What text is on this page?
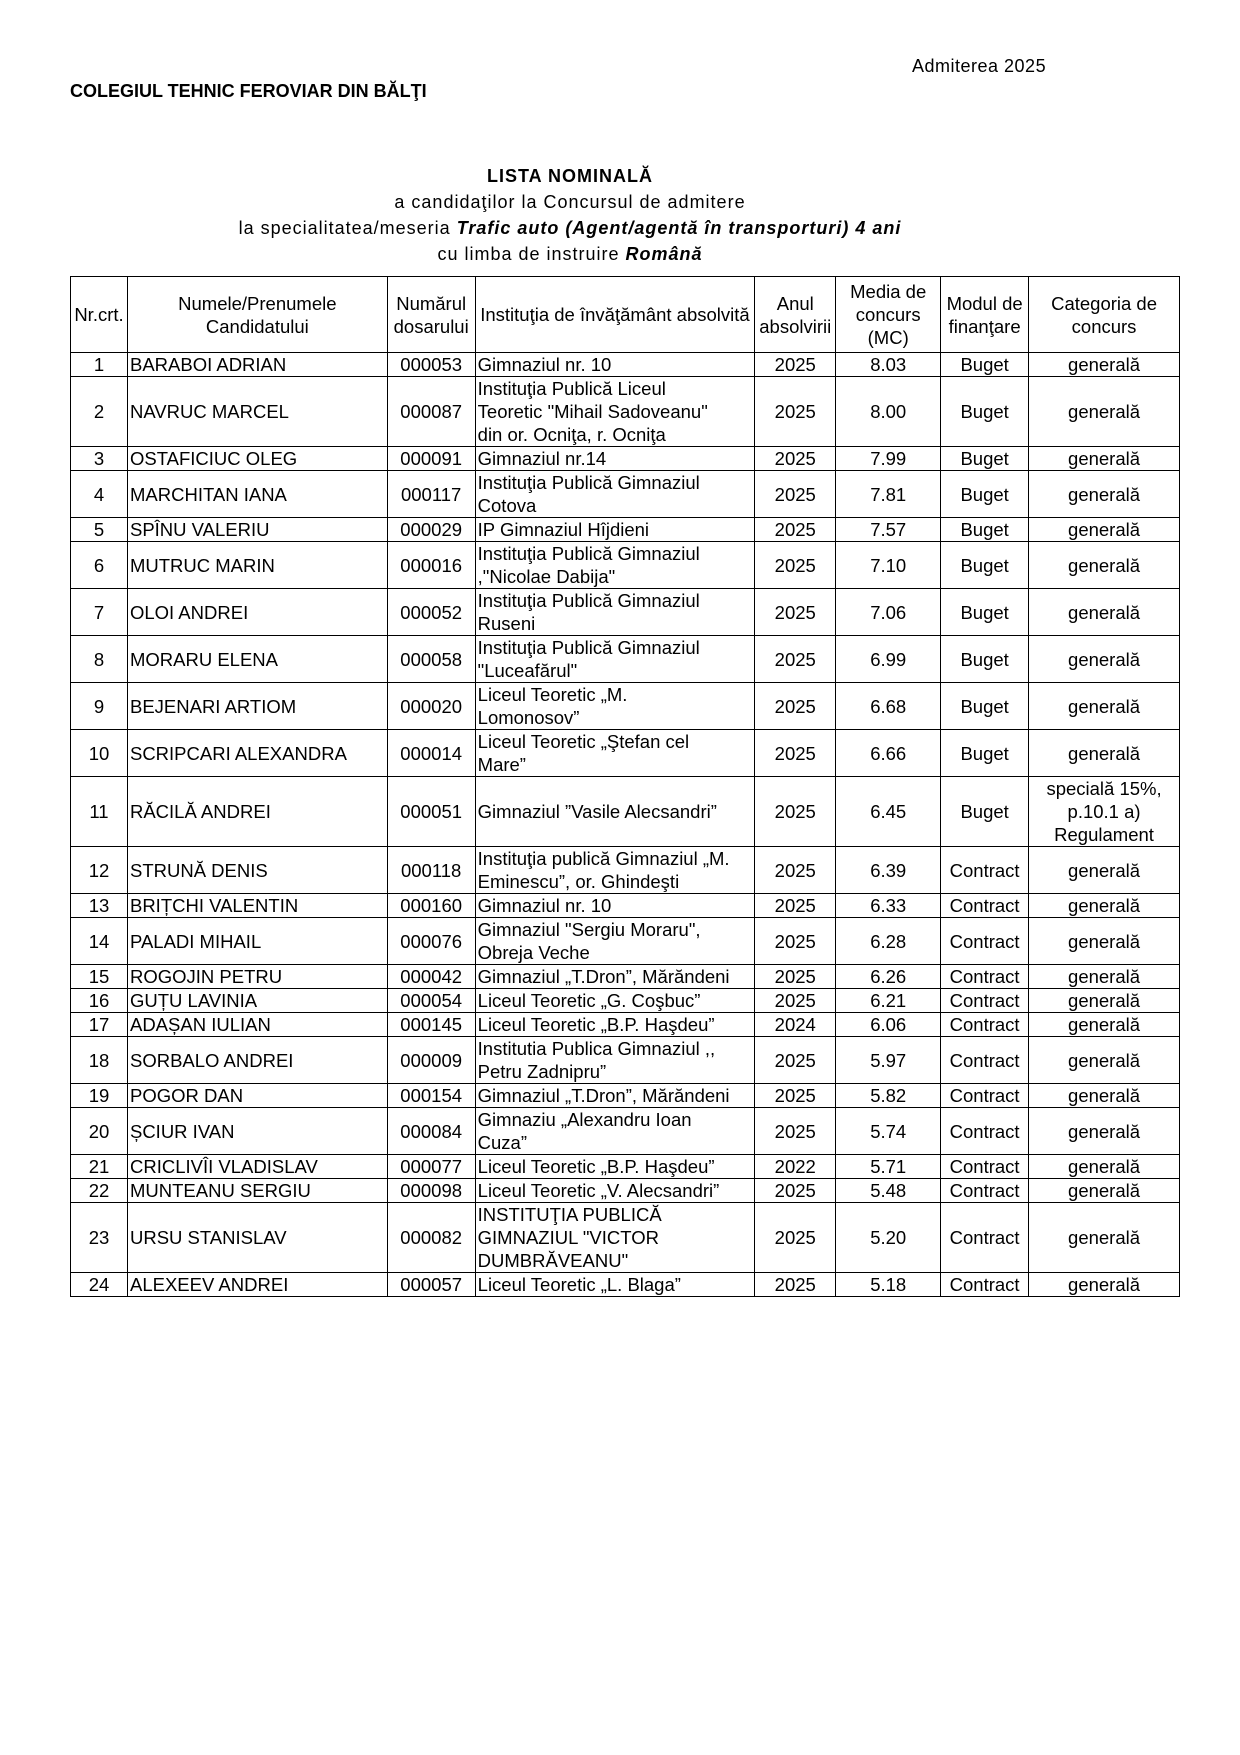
Admiterea 2025
COLEGIUL TEHNIC FEROVIAR DIN BĂLŢI
LISTA NOMINALĂ
a candidaţilor la Concursul de admitere
la specialitatea/meseria Trafic auto (Agent/agentă în transporturi) 4 ani
cu limba de instruire Română
Nr.crt.	Numele/Prenumele Candidatului	Numărul dosarului	Instituţia de învăţământ absolvită	Anul absolvirii	Media de concurs (MC)	Modul de finanţare	Categoria de concurs
1	BARABOI ADRIAN	000053	Gimnaziul nr. 10	2025	8.03	Buget	generală
2	NAVRUC MARCEL	000087	Instituţia Publică Liceul
Teoretic "Mihail Sadoveanu"
din or. Ocniţa, r. Ocniţa	2025	8.00	Buget	generală
3	OSTAFICIUC OLEG	000091	Gimnaziul nr.14	2025	7.99	Buget	generală
4	MARCHITAN IANA	000117	Instituţia Publică Gimnaziul
Cotova	2025	7.81	Buget	generală
5	SPÎNU VALERIU	000029	IP Gimnaziul Hîjdieni	2025	7.57	Buget	generală
6	MUTRUC MARIN	000016	Instituţia Publică Gimnaziul
,"Nicolae Dabija"	2025	7.10	Buget	generală
7	OLOI ANDREI	000052	Instituţia Publică Gimnaziul
Ruseni	2025	7.06	Buget	generală
8	MORARU ELENA	000058	Instituţia Publică Gimnaziul
"Luceafărul"	2025	6.99	Buget	generală
9	BEJENARI ARTIOM	000020	Liceul Teoretic „M.
Lomonosov”	2025	6.68	Buget	generală
10	SCRIPCARI ALEXANDRA	000014	Liceul Teoretic „Ştefan cel
Mare”	2025	6.66	Buget	generală
11	RĂCILĂ ANDREI	000051	Gimnaziul ”Vasile Alecsandri”	2025	6.45	Buget	specială 15%,
p.10.1 a)
Regulament
12	STRUNĂ DENIS	000118	Instituţia publică Gimnaziul „M.
Eminescu”, or. Ghindeşti	2025	6.39	Contract	generală
13	BRIȚCHI VALENTIN	000160	Gimnaziul nr. 10	2025	6.33	Contract	generală
14	PALADI MIHAIL	000076	Gimnaziul "Sergiu Moraru",
Obreja Veche	2025	6.28	Contract	generală
15	ROGOJIN PETRU	000042	Gimnaziul „T.Dron”, Mărăndeni	2025	6.26	Contract	generală
16	GUȚU LAVINIA	000054	Liceul Teoretic „G. Coşbuc”	2025	6.21	Contract	generală
17	ADAȘAN IULIAN	000145	Liceul Teoretic „B.P. Haşdeu”	2024	6.06	Contract	generală
18	SORBALO ANDREI	000009	Institutia Publica Gimnaziul ,,
Petru Zadnipru”	2025	5.97	Contract	generală
19	POGOR DAN	000154	Gimnaziul „T.Dron”, Mărăndeni	2025	5.82	Contract	generală
20	ȘCIUR IVAN	000084	Gimnaziu „Alexandru Ioan
Cuza”	2025	5.74	Contract	generală
21	CRICLIVÎI VLADISLAV	000077	Liceul Teoretic „B.P. Haşdeu”	2022	5.71	Contract	generală
22	MUNTEANU SERGIU	000098	Liceul Teoretic „V. Alecsandri”	2025	5.48	Contract	generală
23	URSU STANISLAV	000082	INSTITUŢIA PUBLICĂ
GIMNAZIUL "VICTOR
DUMBRĂVEANU"	2025	5.20	Contract	generală
24	ALEXEEV ANDREI	000057	Liceul Teoretic „L. Blaga”	2025	5.18	Contract	generală
